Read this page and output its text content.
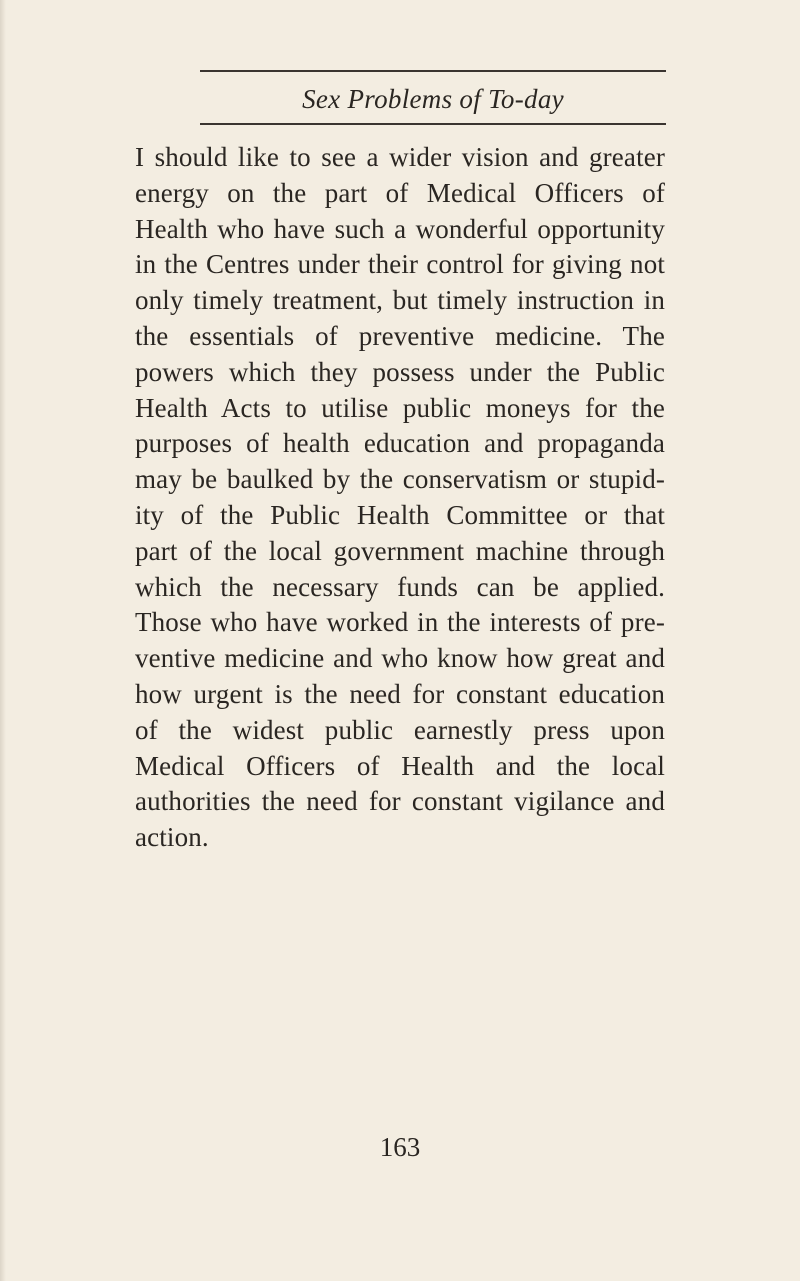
Sex Problems of To-day
I should like to see a wider vision and greater
energy on the part of Medical Officers of
Health who have such a wonderful opportunity
in the Centres under their control for giving not
only timely treatment, but timely instruction in
the essentials of preventive medicine. The
powers which they possess under the Public
Health Acts to utilise public moneys for the
purposes of health education and propaganda
may be baulked by the conservatism or stupid-
ity of the Public Health Committee or that
part of the local government machine through
which the necessary funds can be applied.
Those who have worked in the interests of pre-
ventive medicine and who know how great and
how urgent is the need for constant education
of the widest public earnestly press upon
Medical Officers of Health and the local
authorities the need for constant vigilance and
action.
163
